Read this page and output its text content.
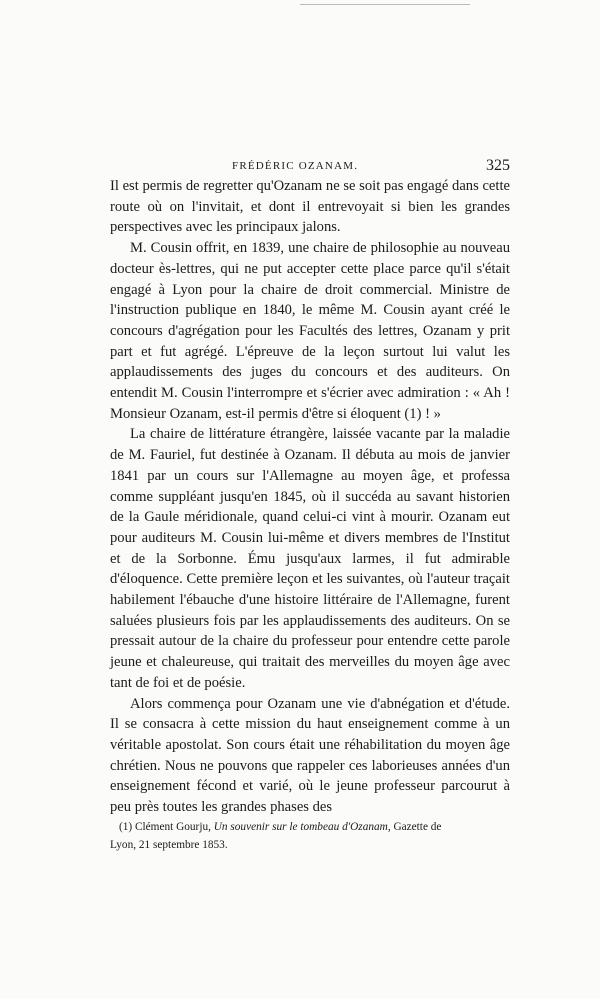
FRÉDÉRIC OZANAM.	325

Il est permis de regretter qu'Ozanam ne se soit pas engagé dans cette route où on l'invitait, et dont il entrevoyait si bien les grandes perspectives avec les principaux jalons.

M. Cousin offrit, en 1839, une chaire de philosophie au nouveau docteur ès-lettres, qui ne put accepter cette place parce qu'il s'était engagé à Lyon pour la chaire de droit commercial. Ministre de l'instruction publique en 1840, le même M. Cousin ayant créé le concours d'agrégation pour les Facultés des lettres, Ozanam y prit part et fut agrégé. L'épreuve de la leçon surtout lui valut les applaudissements des juges du concours et des auditeurs. On entendit M. Cousin l'interrompre et s'écrier avec admiration : « Ah ! Monsieur Ozanam, est-il permis d'être si éloquent (1) ! »

La chaire de littérature étrangère, laissée vacante par la maladie de M. Fauriel, fut destinée à Ozanam. Il débuta au mois de janvier 1841 par un cours sur l'Allemagne au moyen âge, et professa comme suppléant jusqu'en 1845, où il succéda au savant historien de la Gaule méridionale, quand celui-ci vint à mourir. Ozanam eut pour auditeurs M. Cousin lui-même et divers membres de l'Institut et de la Sorbonne. Ému jusqu'aux larmes, il fut admirable d'éloquence. Cette première leçon et les suivantes, où l'auteur traçait habilement l'ébauche d'une histoire littéraire de l'Allemagne, furent saluées plusieurs fois par les applaudissements des auditeurs. On se pressait autour de la chaire du professeur pour entendre cette parole jeune et chaleureuse, qui traitait des merveilles du moyen âge avec tant de foi et de poésie.

Alors commença pour Ozanam une vie d'abnégation et d'étude. Il se consacra à cette mission du haut enseignement comme à un véritable apostolat. Son cours était une réhabilitation du moyen âge chrétien. Nous ne pouvons que rappeler ces laborieuses années d'un enseignement fécond et varié, où le jeune professeur parcourut à peu près toutes les grandes phases des

(1) Clément Gourju, Un souvenir sur le tombeau d'Ozanam, Gazette de
Lyon, 21 septembre 1853.
